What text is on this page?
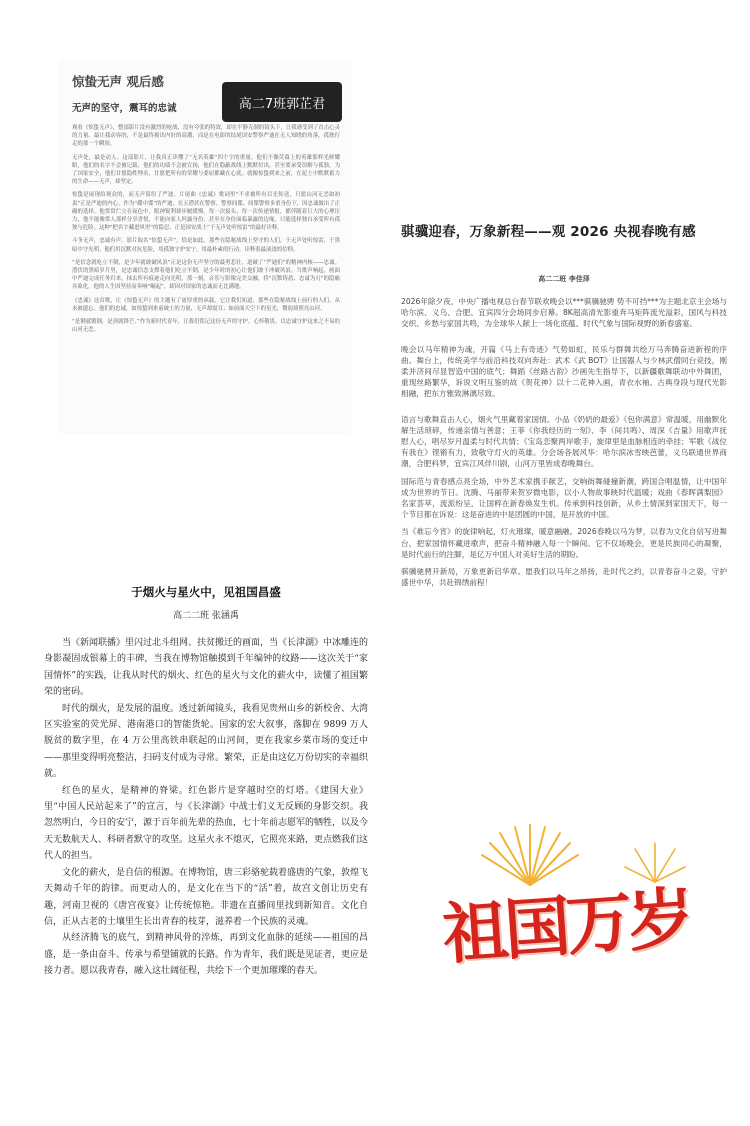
惊蛰无声 观后感

无声的坚守，震耳的忠诚

观看《惊蛰无声》，整部影片没有激烈的枪战，没有夸张的特效，却在平静克制的镜头下，让我感受到了直击心灵的力量。最让我动容的，不是最终揭出内奸的高潮，而是在电影的结尾国安警察严迪在无人知晓的角落，孤独行走的那一个瞬间。

无声处，最是动人。这部影片，让我真正读懂了“无名英雄”四个字的重量。他们不像荧幕上的英雄那样光鲜耀眼，他们的名字不会被记载，他们的功绩不会被宣扬，他们在隐蔽战线上默默付出，甚至要承受误解与孤独。为了国家安全，他们甘愿隐姓埋名，甘愿把所有的荣耀与委屈都藏在心底。就像惊蛰到来之前，在泥土中默默蓄力的生命——无声，却坚定。

惊蛰是展现给观众的，而无声留给了严迪。片尾曲《忠诚》歌词里“不求被所有目光传送，只愿山河无恙如初衷”正是严迪的内心。作为“碟中谍”的严迪，在五潜伏在警察、警察间谍、间谍警察多重身份下，因忠诚做出了正确的选择，他常常伫立在夜色中，眼神锐利却步履缓慢，每一次接头、每一次传递情报，都伴随着巨大的心理压力，他不能像常人那样分享喜悦，不能向家人坦露身份，甚至在身份面临暴露的边缘，只能选择独自承受所有孤独与危险。这种“把名字藏进风里”的隐忍，正是国安战士“于无声处听惊雷”的最好诠释。

斗争无声，忠诚有声。影片取名“惊蛰无声”，恰是如此。那些在隐秘战线上坚守的人们，于无声处听惊雷，于黑暗中守光明。他们用沉默对抗危险，用孤独守护安宁，用最朴素的行动，诠释着最滚烫的信仰。

“是信念就吃立不倒，是少年就敢破风浪”正是这份无声坚守的最勇悲壮，道破了“严迪们”的精神内核——忠诚。潜伏的黑暗岁月里，是忠诚信念支撑着他们吃立不倒，是少年时的初心让他们敢于冲破风浪。当歌声响起，画面中严迪完成任务归来，抹去所有痕迹走向光明，那一刻，音乐与影像完美交融，将“沉默铸盾、忠诚为刃”的隐喻具象化，他的人生因坚持而奏响“崛起”，却因对国家的忠诚而无比满地。

《忠诚》这首歌，让《惊蛰无声》的主题有了更厚重的承载。它让我们知道，那些在隐秘战线上前行的人们，从未被遗忘。他们的忠诚，如惊蛰到来前破土的力量，无声却震耳；如前面天空下的星光，微弱却照亮山河。

“是钢就锻钢，是剑就锋芒。”作为新时代青年，让我们铭记这份无声的守护，心怀敬畏，以忠诚守护这来之不易的山河无恙。

高二7班郭芷君

骐骥迎春，万象新程——观 2026 央视春晚有感

高二二班 李佳泽

2026年除夕夜，中央广播电视总台春节联欢晚会以***骐骥驰骋 势不可挡***为主题北京主会场与哈尔滨、义乌、合肥、宜宾四分会场同步启幕。8K超高清光影重奔马矩阵流光溢彩，国风与科技交织、乡愁与家国共鸣，为全球华人献上一场化底蕴、时代气象与国际视野的新春盛宴。

晚会以马年精神为魂，开篇《马上有奇迹》气势如虹，民乐与群舞共绘万马奔腾奋进新程的序曲。舞台上，传统美学与前沿科技双向奔赴：武术《武 BOT》让国器人与少林武僧同台竞技，刚柔并济间尽显智造中国的底气；舞蹈《丝路古韵》沙画先生指导下，以新疆歌舞联动中外舞团，重现丝路繁华，诉说文明互鉴的故《贺花神》以十二花神入画，青衣水袖、古典身段与现代光影相融，把东方雅致淋漓尽致。

语言与歌舞直击人心，烟火气里藏着家国情。小品《奶奶的最爱》《包你满意》常温暖，用幽默化解生活琐碎，传递亲情与善意；王菲《你我经历的一刻》、李（间共鸣）、周深《吉量》用歌声抚慰人心，唱尽岁月温柔与时代共情；《宝岛恋聚两岸歌手，旋律里是血脉相连的牵挂；军歌《战位有我在》铿锵有力，致敬守灯火的英雄。分会场各展风华：哈尔滨冰雪映芭蕾，义乌联通世界商潮，合肥科梦，宜宾江风伴川剧，山河万里皆成春晚舞台。

国际范与青春感点亮全场，中外艺术家携手献艺，交响街舞碰撞新潮，跨国合唱温情，让中国年成为世界的节日。沈腾、马丽带来贺岁微电影，以小人物故事映时代温暖；戏曲《春晖满梨园》名家荟萃，流派纷呈，让国粹在新春焕发生机。传承到科技创新，从乡土情深到家国天下，每一个节目都在诉说：这是奋进的中是团圆的中国，是开放的中国。

当《难忘今宵》的旋律响起，灯火璀璨，暖意融融。2026春晚以马为梦，以春为文化自信写进舞台，把家国情怀藏进歌声，把奋斗精神融入每一个瞬间。它不仅场晚会，更是民族同心的凝聚，是时代前行的注脚，是亿万中国人对美好生活的期盼。

骐骥驰骋开新局，万象更新启华章。愿我们以马年之昂扬，赴时代之约，以青春奋斗之姿，守护盛世中华，共赴锦绣前程！

于烟火与星火中，见祖国昌盛

高二二班 张涵禹

当《新闻联播》里闪过北斗组网、扶贫搬迁的画面，当《长津湖》中冰雕连的身影凝固成银幕上的丰碑，当我在博物馆触摸到千年编钟的纹路——这次关于“家国情怀”的实践，让我从时代的烟火、红色的星火与文化的薪火中，读懂了祖国繁荣的密码。

时代的烟火，是发展的温度。透过新闻镜头，我看见贵州山乡的新校舍、大湾区实验室的荧光屏、港南港口的智能货轮。国家的宏大叙事，落脚在 9899 万人脱贫的数字里，在 4 万公里高铁串联起的山河间，更在我家乡菜市场的变迁中——那里变得明亮整洁，扫码支付成为寻常。繁荣，正是由这亿万份切实的幸福织就。

红色的星火，是精神的脊梁。红色影片是穿越时空的灯塔。《建国大业》里“中国人民站起来了”的宣言，与《长津湖》中战士们义无反顾的身影交织。我忽然明白，今日的安宁，源于百年前先辈的热血，七十年前志愿军的牺牲，以及今天无数航天人、科研者默守的攻坚。这星火永不熄灭，它照亮来路，更点燃我们这代人的担当。

文化的薪火，是自信的根源。在博物馆，唐三彩骆驼载着盛唐的气象，敦煌飞天舞动千年的韵律。而更动人的，是文化在当下的“活”着，故宫文创让历史有趣，河南卫视的《唐宫夜宴》让传统惊艳。非遗在直播间里找到新知音。文化自信，正从古老的土壤里生长出青春的枝芽，滋养着一个民族的灵魂。

从经济腾飞的底气，到精神风骨的淬炼，再到文化血脉的延续——祖国的昌盛，是一条由奋斗、传承与希望铺就的长路。作为青年，我们既是见证者，更应是接力者。愿以我青春，融入这壮阔征程，共绘下一个更加璀璨的春天。	祖国万岁
